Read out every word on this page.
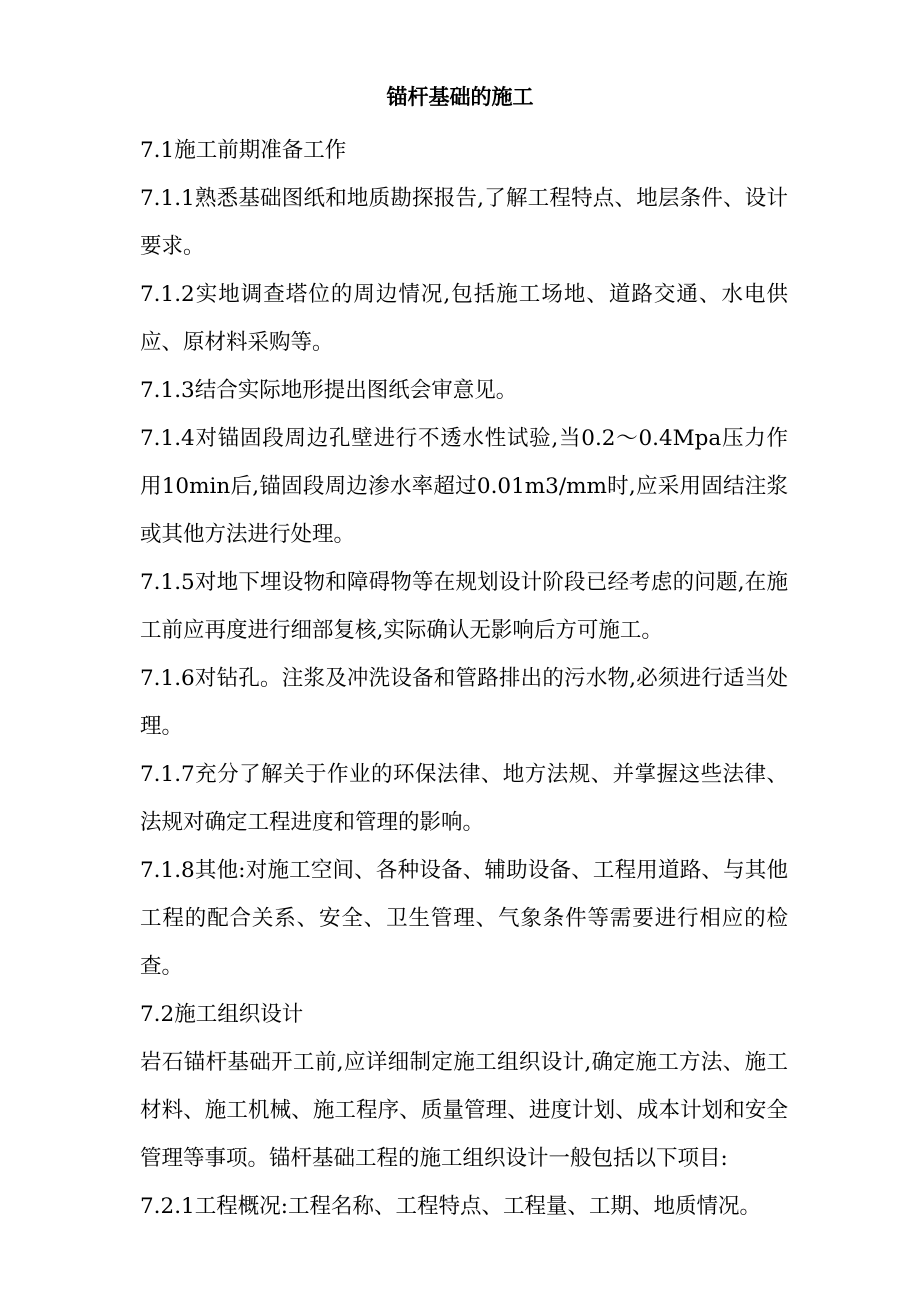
锚杆基础的施工

7.1施工前期准备工作

7.1.1熟悉基础图纸和地质勘探报告,了解工程特点、地层条件、设计要求。

7.1.2实地调查塔位的周边情况,包括施工场地、道路交通、水电供应、原材料采购等。

7.1.3结合实际地形提出图纸会审意见。

7.1.4对锚固段周边孔壁进行不透水性试验,当0.2～0.4Mpa压力作用10min后,锚固段周边渗水率超过0.01m3/mm时,应采用固结注浆或其他方法进行处理。

7.1.5对地下埋设物和障碍物等在规划设计阶段已经考虑的问题,在施工前应再度进行细部复核,实际确认无影响后方可施工。

7.1.6对钻孔。注浆及冲洗设备和管路排出的污水物,必须进行适当处理。

7.1.7充分了解关于作业的环保法律、地方法规、并掌握这些法律、法规对确定工程进度和管理的影响。

7.1.8其他:对施工空间、各种设备、辅助设备、工程用道路、与其他工程的配合关系、安全、卫生管理、气象条件等需要进行相应的检查。

7.2施工组织设计

岩石锚杆基础开工前,应详细制定施工组织设计,确定施工方法、施工材料、施工机械、施工程序、质量管理、进度计划、成本计划和安全管理等事项。锚杆基础工程的施工组织设计一般包括以下项目:

7.2.1工程概况:工程名称、工程特点、工程量、工期、地质情况。
